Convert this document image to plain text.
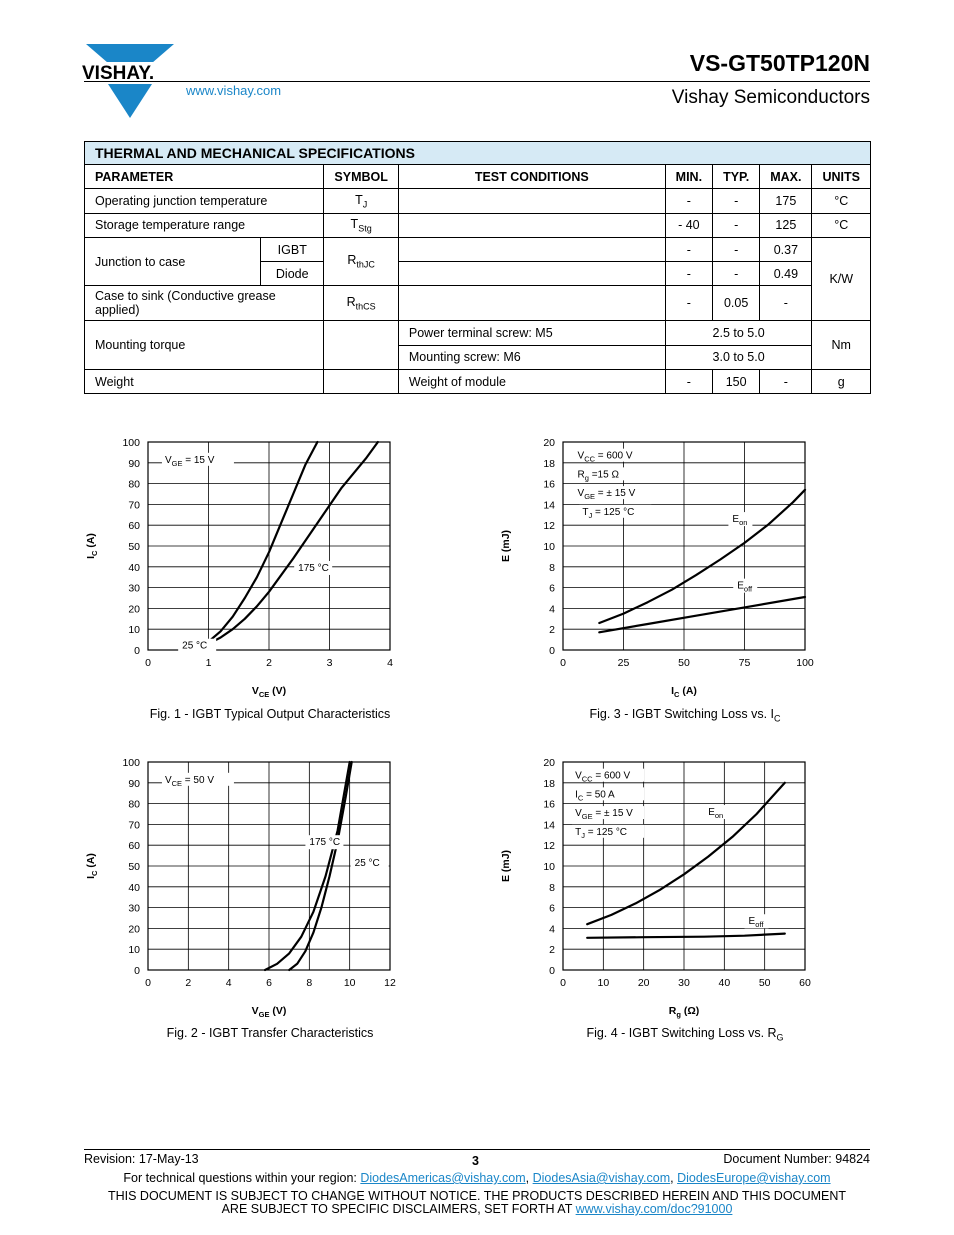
VISHAY.
www.vishay.com
VS-GT50TP120N
Vishay Semiconductors
THERMAL AND MECHANICAL SPECIFICATIONS							
PARAMETER		SYMBOL	TEST CONDITIONS	MIN.	TYP.	MAX.	UNITS
Operating junction temperature		$T_J$		-	-	175	°C
Storage temperature range		$T_{Stg}$		- 40	-	125	°C
Junction to case	IGBT	$R_{thJC}$		-	-	0.37	K/W
	Diode			-	-	0.49	
Case to sink (Conductive grease applied)		$R_{thCS}$		-	0.05	-	
Mounting torque			Power terminal screw: M5	2.5 to 5.0			Nm
			Mounting screw: M6	3.0 to 5.0			
Weight			Weight of module	-	150	-	g
0	1	2	3	4
0
10
20
30
40
50
60
70
80
90
100
$V_{CE}$ (V)
$I_C$ (A)
$V_{GE} = 15$ V
25 °C
175 °C
0	25	50	75	100
0
2
4
6
8
10
12
14
16
18
20
$I_C$ (A)
E (mJ)
$V_{CC} = 600$ V
$R_g =15$ Ω
$V_{GE}$ = ± 15 V
$T_J = 125$ °C
$E_{on}$
$E_{off}$
0	2	4	6	8	10	12
0
10
20
30
40
50
60
70
80
90
100
$V_{GE}$ (V)
$I_C$ (A)
$V_{CE} = 50$ V
175 °C
25 °C
0	10	20	30	40	50	60
0
2
4
6
8
10
12
14
16
18
20
$R_g$ (Ω)
E (mJ)
$V_{CC} = 600$ V
$I_C = 50$ A
$V_{GE}$ = ± 15 V
$T_J = 125$ °C
$E_{on}$
$E_{off}$
Fig. 1 - IGBT Typical Output Characteristics	Fig. 3 - IGBT Switching Loss vs. $I_C$
Fig. 2 - IGBT Transfer Characteristics	Fig. 4 - IGBT Switching Loss vs. $R_G$
Revision: 17-May-13	3	Document Number: 94824
For technical questions within your region: DiodesAmericas@vishay.com, DiodesAsia@vishay.com, DiodesEurope@vishay.com
THIS DOCUMENT IS SUBJECT TO CHANGE WITHOUT NOTICE. THE PRODUCTS DESCRIBED HEREIN AND THIS DOCUMENT
ARE SUBJECT TO SPECIFIC DISCLAIMERS, SET FORTH AT www.vishay.com/doc?91000
